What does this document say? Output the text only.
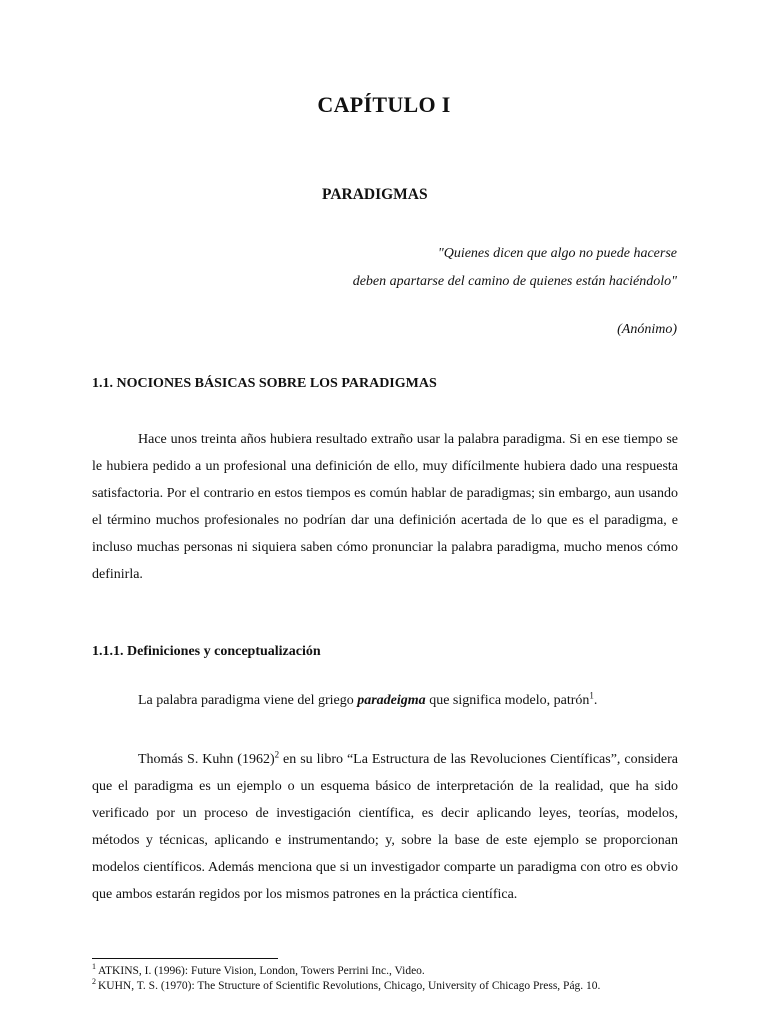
CAPÍTULO I
PARADIGMAS
"Quienes dicen que algo no puede hacerse
deben apartarse del camino de quienes están haciéndolo"
(Anónimo)
1.1. NOCIONES BÁSICAS SOBRE LOS PARADIGMAS
Hace unos treinta años hubiera resultado extraño usar la palabra paradigma. Si en ese tiempo se le hubiera pedido a un profesional una definición de ello, muy difícilmente hubiera dado una respuesta satisfactoria. Por el contrario en estos tiempos es común hablar de paradigmas; sin embargo, aun usando el término muchos profesionales no podrían dar una definición acertada de lo que es el paradigma, e incluso muchas personas ni siquiera saben cómo pronunciar la palabra paradigma, mucho menos cómo definirla.
1.1.1. Definiciones y conceptualización
La palabra paradigma viene del griego paradeigma que significa modelo, patrón$^1$.
Thomás S. Kuhn $(1962)^2$ en su libro “La Estructura de las Revoluciones Científicas”, considera que el paradigma es un ejemplo o un esquema básico de interpretación de la realidad, que ha sido verificado por un proceso de investigación científica, es decir aplicando leyes, teorías, modelos, métodos y técnicas, aplicando e instrumentando; y, sobre la base de este ejemplo se proporcionan modelos científicos. Además menciona que si un investigador comparte un paradigma con otro es obvio que ambos estarán regidos por los mismos patrones en la práctica científica.
$^1$ ATKINS, I. (1996): Future Vision, London, Towers Perrini Inc., Video.
$^2$ KUHN, T. S. (1970): The Structure of Scientific Revolutions, Chicago, University of Chicago Press, Pág. 10.
